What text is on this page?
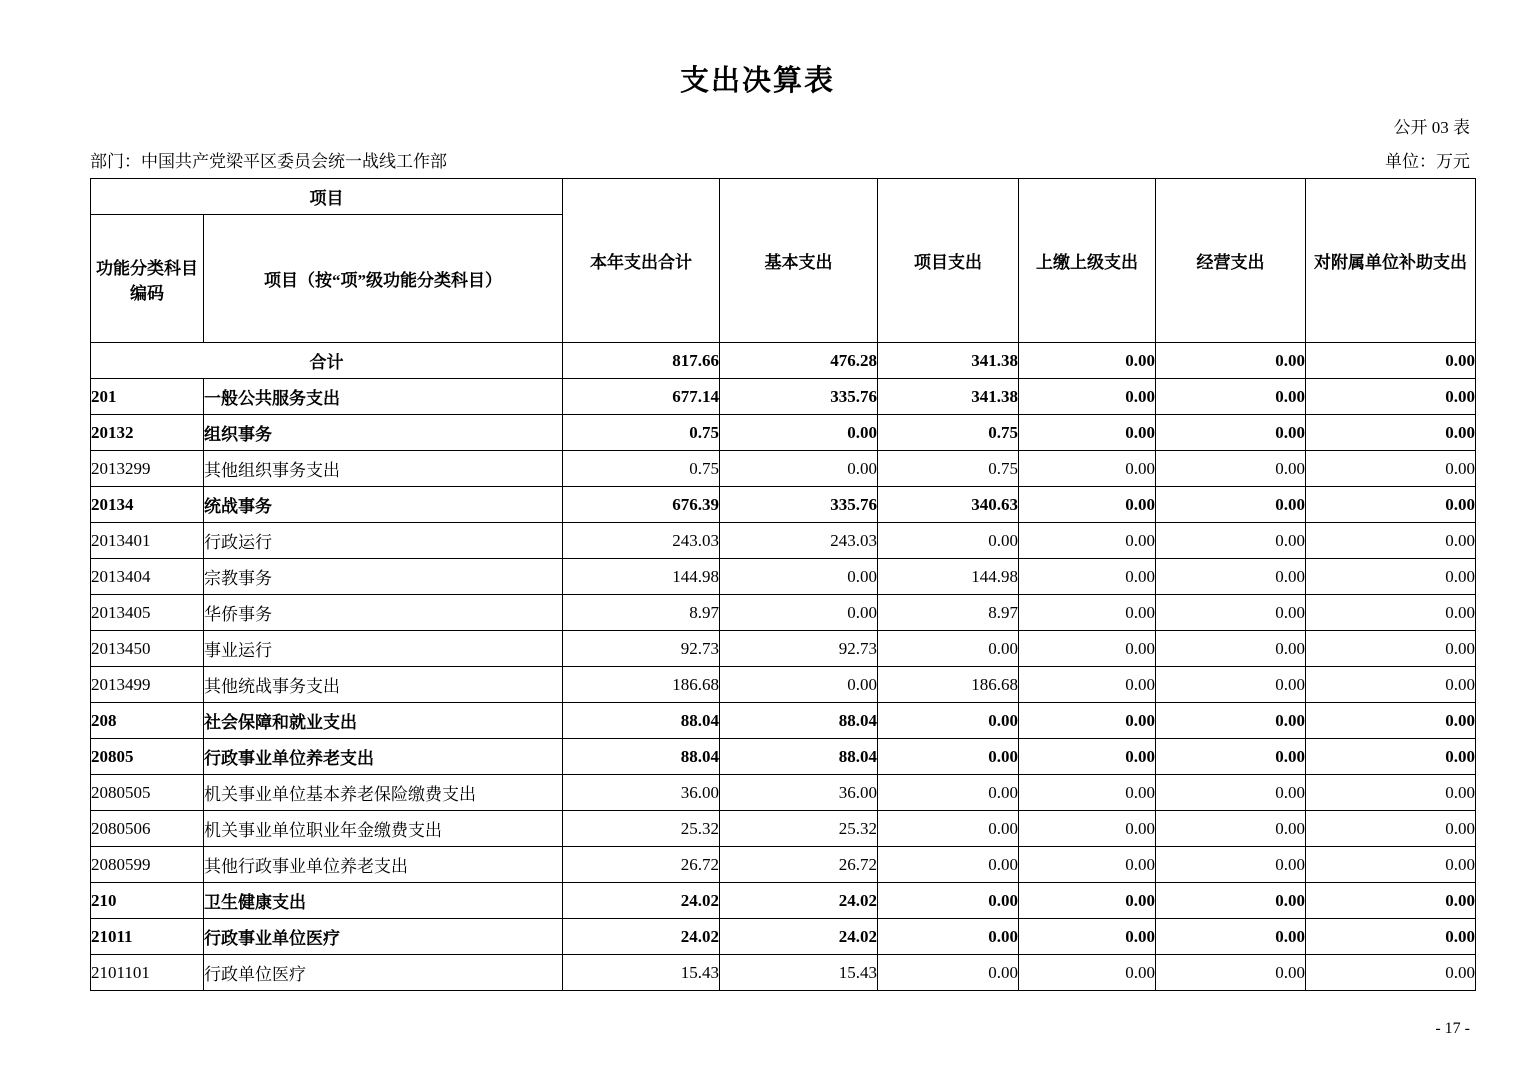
支出决算表
公开 03 表
部门：中国共产党梁平区委员会统一战线工作部	单位：万元
项目		本年支出合计	基本支出	项目支出	上缴上级支出	经营支出	对附属单位补助支出

功能分类科目
编码	项目（按“项”级功能分类科目）						
合计		817.66	476.28	341.38	0.00	0.00	0.00
201	一般公共服务支出	677.14	335.76	341.38	0.00	0.00	0.00
20132	组织事务	0.75	0.00	0.75	0.00	0.00	0.00
2013299	其他组织事务支出	0.75	0.00	0.75	0.00	0.00	0.00
20134	统战事务	676.39	335.76	340.63	0.00	0.00	0.00
2013401	行政运行	243.03	243.03	0.00	0.00	0.00	0.00
2013404	宗教事务	144.98	0.00	144.98	0.00	0.00	0.00
2013405	华侨事务	8.97	0.00	8.97	0.00	0.00	0.00
2013450	事业运行	92.73	92.73	0.00	0.00	0.00	0.00
2013499	其他统战事务支出	186.68	0.00	186.68	0.00	0.00	0.00
208	社会保障和就业支出	88.04	88.04	0.00	0.00	0.00	0.00
20805	行政事业单位养老支出	88.04	88.04	0.00	0.00	0.00	0.00
2080505	机关事业单位基本养老保险缴费支出	36.00	36.00	0.00	0.00	0.00	0.00
2080506	机关事业单位职业年金缴费支出	25.32	25.32	0.00	0.00	0.00	0.00
2080599	其他行政事业单位养老支出	26.72	26.72	0.00	0.00	0.00	0.00
210	卫生健康支出	24.02	24.02	0.00	0.00	0.00	0.00
21011	行政事业单位医疗	24.02	24.02	0.00	0.00	0.00	0.00
2101101	行政单位医疗	15.43	15.43	0.00	0.00	0.00	0.00
- 17 -
